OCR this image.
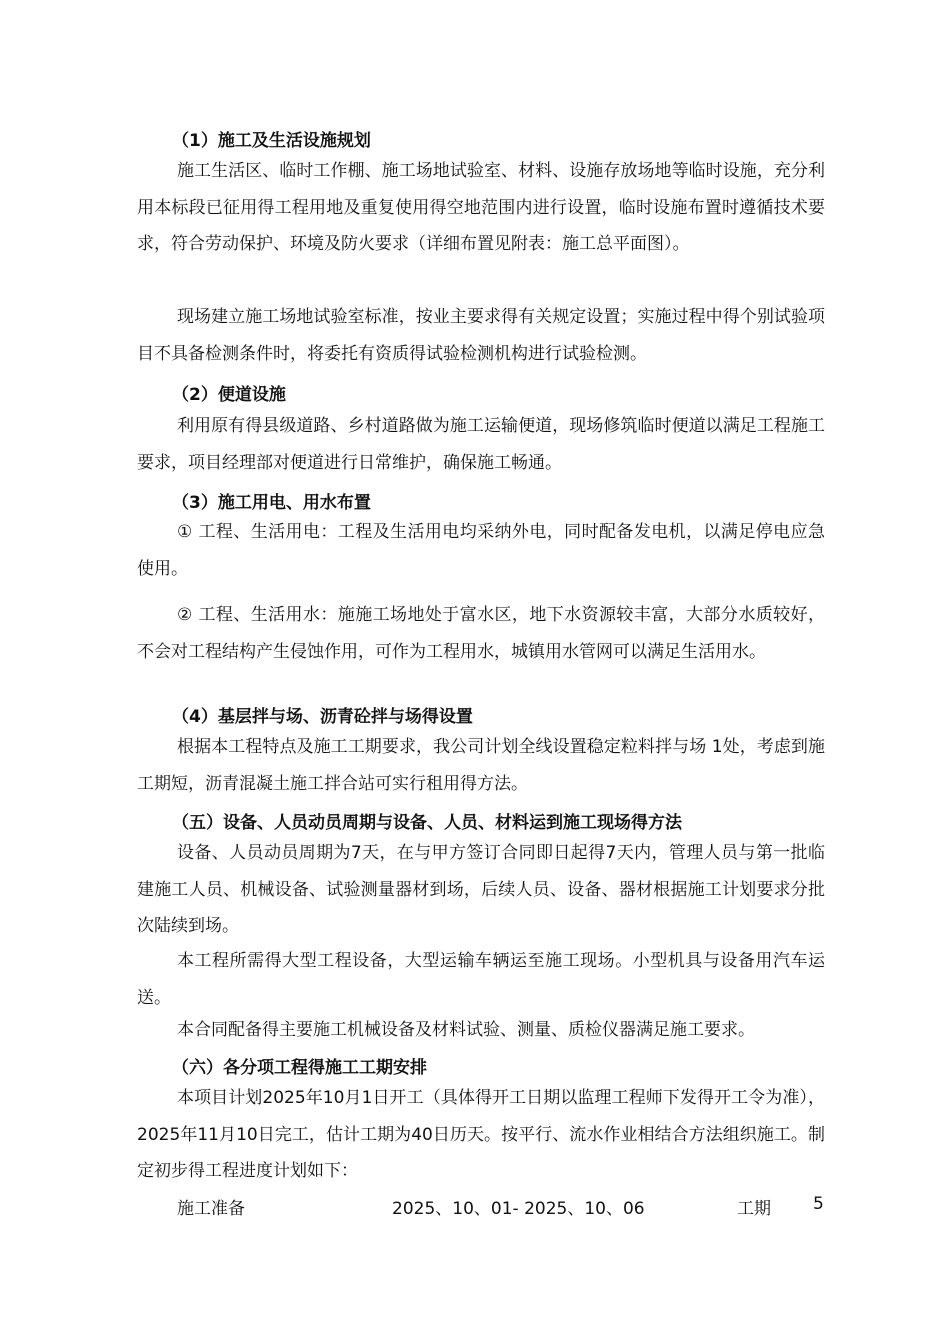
（1）施工及生活设施规划
施工生活区、临时工作棚、施工场地试验室、材料、设施存放场地等临时设施，充分利用本标段已征用得工程用地及重复使用得空地范围内进行设置，临时设施布置时遵循技术要求，符合劳动保护、环境及防火要求（详细布置见附表：施工总平面图）。
现场建立施工场地试验室标准，按业主要求得有关规定设置；实施过程中得个别试验项目不具备检测条件时，将委托有资质得试验检测机构进行试验检测。
（2）便道设施
利用原有得县级道路、乡村道路做为施工运输便道，现场修筑临时便道以满足工程施工要求，项目经理部对便道进行日常维护，确保施工畅通。
（3）施工用电、用水布置
① 工程、生活用电：工程及生活用电均采纳外电，同时配备发电机，以满足停电应急使用。
② 工程、生活用水：施施工场地处于富水区，地下水资源较丰富，大部分水质较好，不会对工程结构产生侵蚀作用，可作为工程用水，城镇用水管网可以满足生活用水。
（4）基层拌与场、沥青砼拌与场得设置
根据本工程特点及施工工期要求，我公司计划全线设置稳定粒料拌与场 1处，考虑到施工期短，沥青混凝土施工拌合站可实行租用得方法。
（五）设备、人员动员周期与设备、人员、材料运到施工现场得方法
设备、人员动员周期为7天，在与甲方签订合同即日起得7天内，管理人员与第一批临建施工人员、机械设备、试验测量器材到场，后续人员、设备、器材根据施工计划要求分批次陆续到场。
本工程所需得大型工程设备，大型运输车辆运至施工现场。小型机具与设备用汽车运送。
本合同配备得主要施工机械设备及材料试验、测量、质检仪器满足施工要求。
（六）各分项工程得施工工期安排
本项目计划2025年10月1日开工（具体得开工日期以监理工程师下发得开工令为准），2025年11月10日完工，估计工期为40日历天。按平行、流水作业相结合方法组织施工。制定初步得工程进度计划如下：
施工准备	2025、10、01- 2025、10、06	工期 5
